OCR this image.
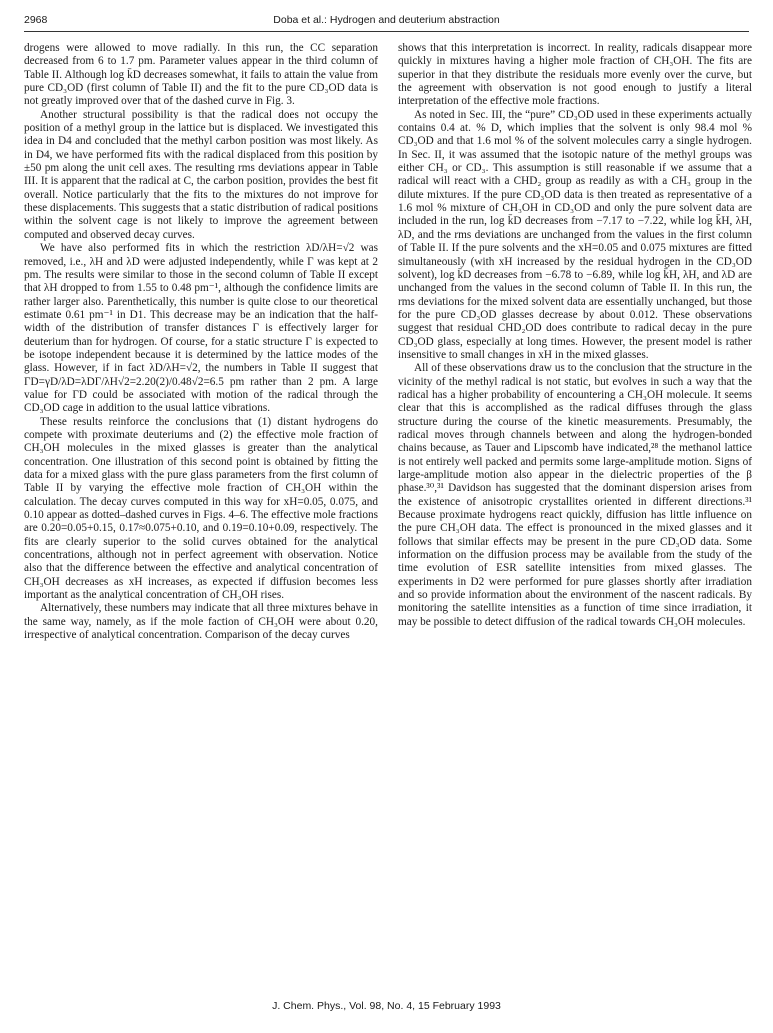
2968	Doba et al.: Hydrogen and deuterium abstraction

drogens were allowed to move radially. In this run, the CC separation decreased from 6 to 1.7 pm. Parameter values appear in the third column of Table II. Although log k̄D decreases somewhat, it fails to attain the value from pure CD₃OD (first column of Table II) and the fit to the pure CD₃OD data is not greatly improved over that of the dashed curve in Fig. 3.

Another structural possibility is that the radical does not occupy the position of a methyl group in the lattice but is displaced. We investigated this idea in D4 and concluded that the methyl carbon position was most likely. As in D4, we have performed fits with the radical displaced from this position by ±50 pm along the unit cell axes. The resulting rms deviations appear in Table III. It is apparent that the radical at C, the carbon position, provides the best fit overall. Notice particularly that the fits to the mixtures do not improve for these displacements. This suggests that a static distribution of radical positions within the solvent cage is not likely to improve the agreement between computed and observed decay curves.

We have also performed fits in which the restriction λD/λH=√2 was removed, i.e., λH and λD were adjusted independently, while Γ was kept at 2 pm. The results were similar to those in the second column of Table II except that λH dropped to from 1.55 to 0.48 pm⁻¹, although the confidence limits are rather larger also. Parenthetically, this number is quite close to our theoretical estimate 0.61 pm⁻¹ in D1. This decrease may be an indication that the half-width of the distribution of transfer distances Γ is effectively larger for deuterium than for hydrogen. Of course, for a static structure Γ is expected to be isotope independent because it is determined by the lattice modes of the glass. However, if in fact λD/λH=√2, the numbers in Table II suggest that ΓD=γD/λD=λDΓ/λH√2=2.20(2)/0.48√2=6.5 pm rather than 2 pm. A large value for ΓD could be associated with motion of the radical through the CD₃OD cage in addition to the usual lattice vibrations.

These results reinforce the conclusions that (1) distant hydrogens do compete with proximate deuteriums and (2) the effective mole fraction of CH₃OH molecules in the mixed glasses is greater than the analytical concentration. One illustration of this second point is obtained by fitting the data for a mixed glass with the pure glass parameters from the first column of Table II by varying the effective mole fraction of CH₃OH within the calculation. The decay curves computed in this way for xH=0.05, 0.075, and 0.10 appear as dotted–dashed curves in Figs. 4–6. The effective mole fractions are 0.20=0.05+0.15, 0.17≈0.075+0.10, and 0.19=0.10+0.09, respectively. The fits are clearly superior to the solid curves obtained for the analytical concentrations, although not in perfect agreement with observation. Notice also that the difference between the effective and analytical concentration of CH₃OH decreases as xH increases, as expected if diffusion becomes less important as the analytical concentration of CH₃OH rises.

Alternatively, these numbers may indicate that all three mixtures behave in the same way, namely, as if the mole faction of CH₃OH were about 0.20, irrespective of analytical concentration. Comparison of the decay curves

shows that this interpretation is incorrect. In reality, radicals disappear more quickly in mixtures having a higher mole fraction of CH₃OH. The fits are superior in that they distribute the residuals more evenly over the curve, but the agreement with observation is not good enough to justify a literal interpretation of the effective mole fractions.

As noted in Sec. III, the “pure” CD₃OD used in these experiments actually contains 0.4 at. % D, which implies that the solvent is only 98.4 mol % CD₃OD and that 1.6 mol % of the solvent molecules carry a single hydrogen. In Sec. II, it was assumed that the isotopic nature of the methyl groups was either CH₃ or CD₃. This assumption is still reasonable if we assume that a radical will react with a CHD₂ group as readily as with a CH₃ group in the dilute mixtures. If the pure CD₃OD data is then treated as representative of a 1.6 mol % mixture of CH₃OH in CD₃OD and only the pure solvent data are included in the run, log k̄D decreases from −7.17 to −7.22, while log k̄H, λH, λD, and the rms deviations are unchanged from the values in the first column of Table II. If the pure solvents and the xH=0.05 and 0.075 mixtures are fitted simultaneously (with xH increased by the residual hydrogen in the CD₃OD solvent), log k̄D decreases from −6.78 to −6.89, while log k̄H, λH, and λD are unchanged from the values in the second column of Table II. In this run, the rms deviations for the mixed solvent data are essentially unchanged, but those for the pure CD₃OD glasses decrease by about 0.012. These observations suggest that residual CHD₂OD does contribute to radical decay in the pure CD₃OD glass, especially at long times. However, the present model is rather insensitive to small changes in xH in the mixed glasses.

All of these observations draw us to the conclusion that the structure in the vicinity of the methyl radical is not static, but evolves in such a way that the radical has a higher probability of encountering a CH₃OH molecule. It seems clear that this is accomplished as the radical diffuses through the glass structure during the course of the kinetic measurements. Presumably, the radical moves through channels between and along the hydrogen-bonded chains because, as Tauer and Lipscomb have indicated,²⁸ the methanol lattice is not entirely well packed and permits some large-amplitude motion. Signs of large-amplitude motion also appear in the dielectric properties of the β phase.³⁰,³¹ Davidson has suggested that the dominant dispersion arises from the existence of anisotropic crystallites oriented in different directions.³¹ Because proximate hydrogens react quickly, diffusion has little influence on the pure CH₃OH data. The effect is pronounced in the mixed glasses and it follows that similar effects may be present in the pure CD₃OD data. Some information on the diffusion process may be available from the study of the time evolution of ESR satellite intensities from mixed glasses. The experiments in D2 were performed for pure glasses shortly after irradiation and so provide information about the environment of the nascent radicals. By monitoring the satellite intensities as a function of time since irradiation, it may be possible to detect diffusion of the radical towards CH₃OH molecules.

J. Chem. Phys., Vol. 98, No. 4, 15 February 1993
